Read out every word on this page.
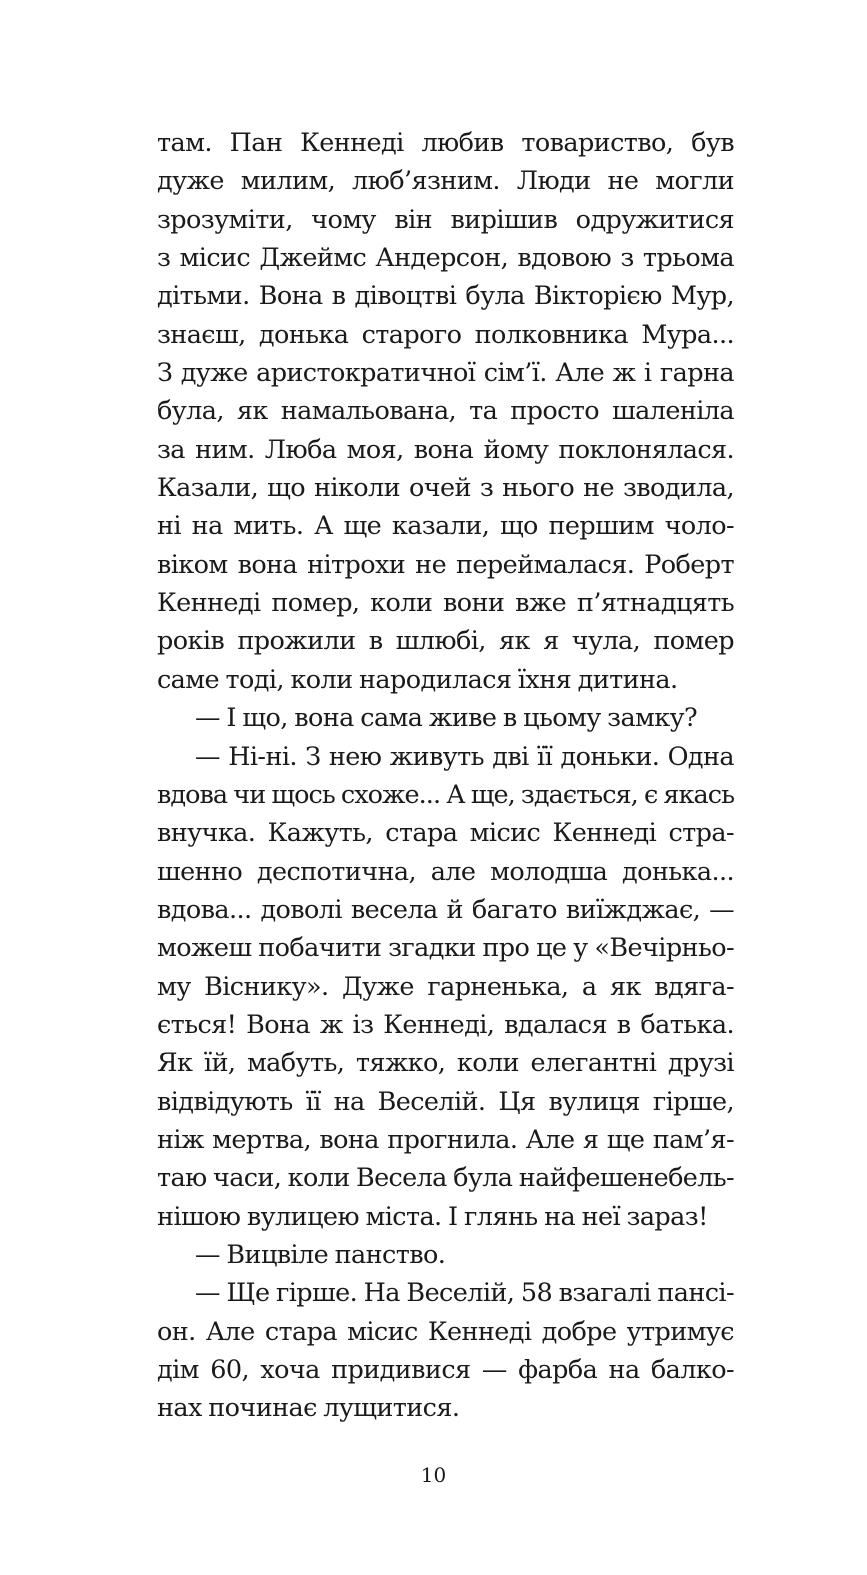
там. Пан Кеннеді любив товариство, був
дуже милим, люб’язним. Люди не могли
зрозуміти, чому він вирішив одружитися
з місис Джеймс Андерсон, вдовою з трьома
дітьми. Вона в дівоцтві була Вікторією Мур,
знаєш, донька старого полковника Мура...
З дуже аристократичної сім’ї. Але ж і гарна
була, як намальована, та просто шаленіла
за ним. Люба моя, вона йому поклонялася.
Казали, що ніколи очей з нього не зводила,
ні на мить. А ще казали, що першим чоло-
віком вона нітрохи не переймалася. Роберт
Кеннеді помер, коли вони вже п’ятнадцять
років прожили в шлюбі, як я чула, помер
саме тоді, коли народилася їхня дитина.
— І що, вона сама живе в цьому замку?
— Ні-ні. З нею живуть дві її доньки. Одна
вдова чи щось схоже... А ще, здається, є якась
внучка. Кажуть, стара місис Кеннеді стра-
шенно деспотична, але молодша донька...
вдова... доволі весела й багато виїжджає, —
можеш побачити згадки про це у «Вечірньо-
му Віснику». Дуже гарненька, а як вдяга-
ється! Вона ж із Кеннеді, вдалася в батька.
Як їй, мабуть, тяжко, коли елегантні друзі
відвідують її на Веселій. Ця вулиця гірше,
ніж мертва, вона прогнила. Але я ще пам’я-
таю часи, коли Весела була найфешенебель-
нішою вулицею міста. І глянь на неї зараз!
— Вицвіле панство.
— Ще гірше. На Веселій, 58 взагалі пансі-
он. Але стара місис Кеннеді добре утримує
дім 60, хоча придивися — фарба на балко-
нах починає лущитися.
10
